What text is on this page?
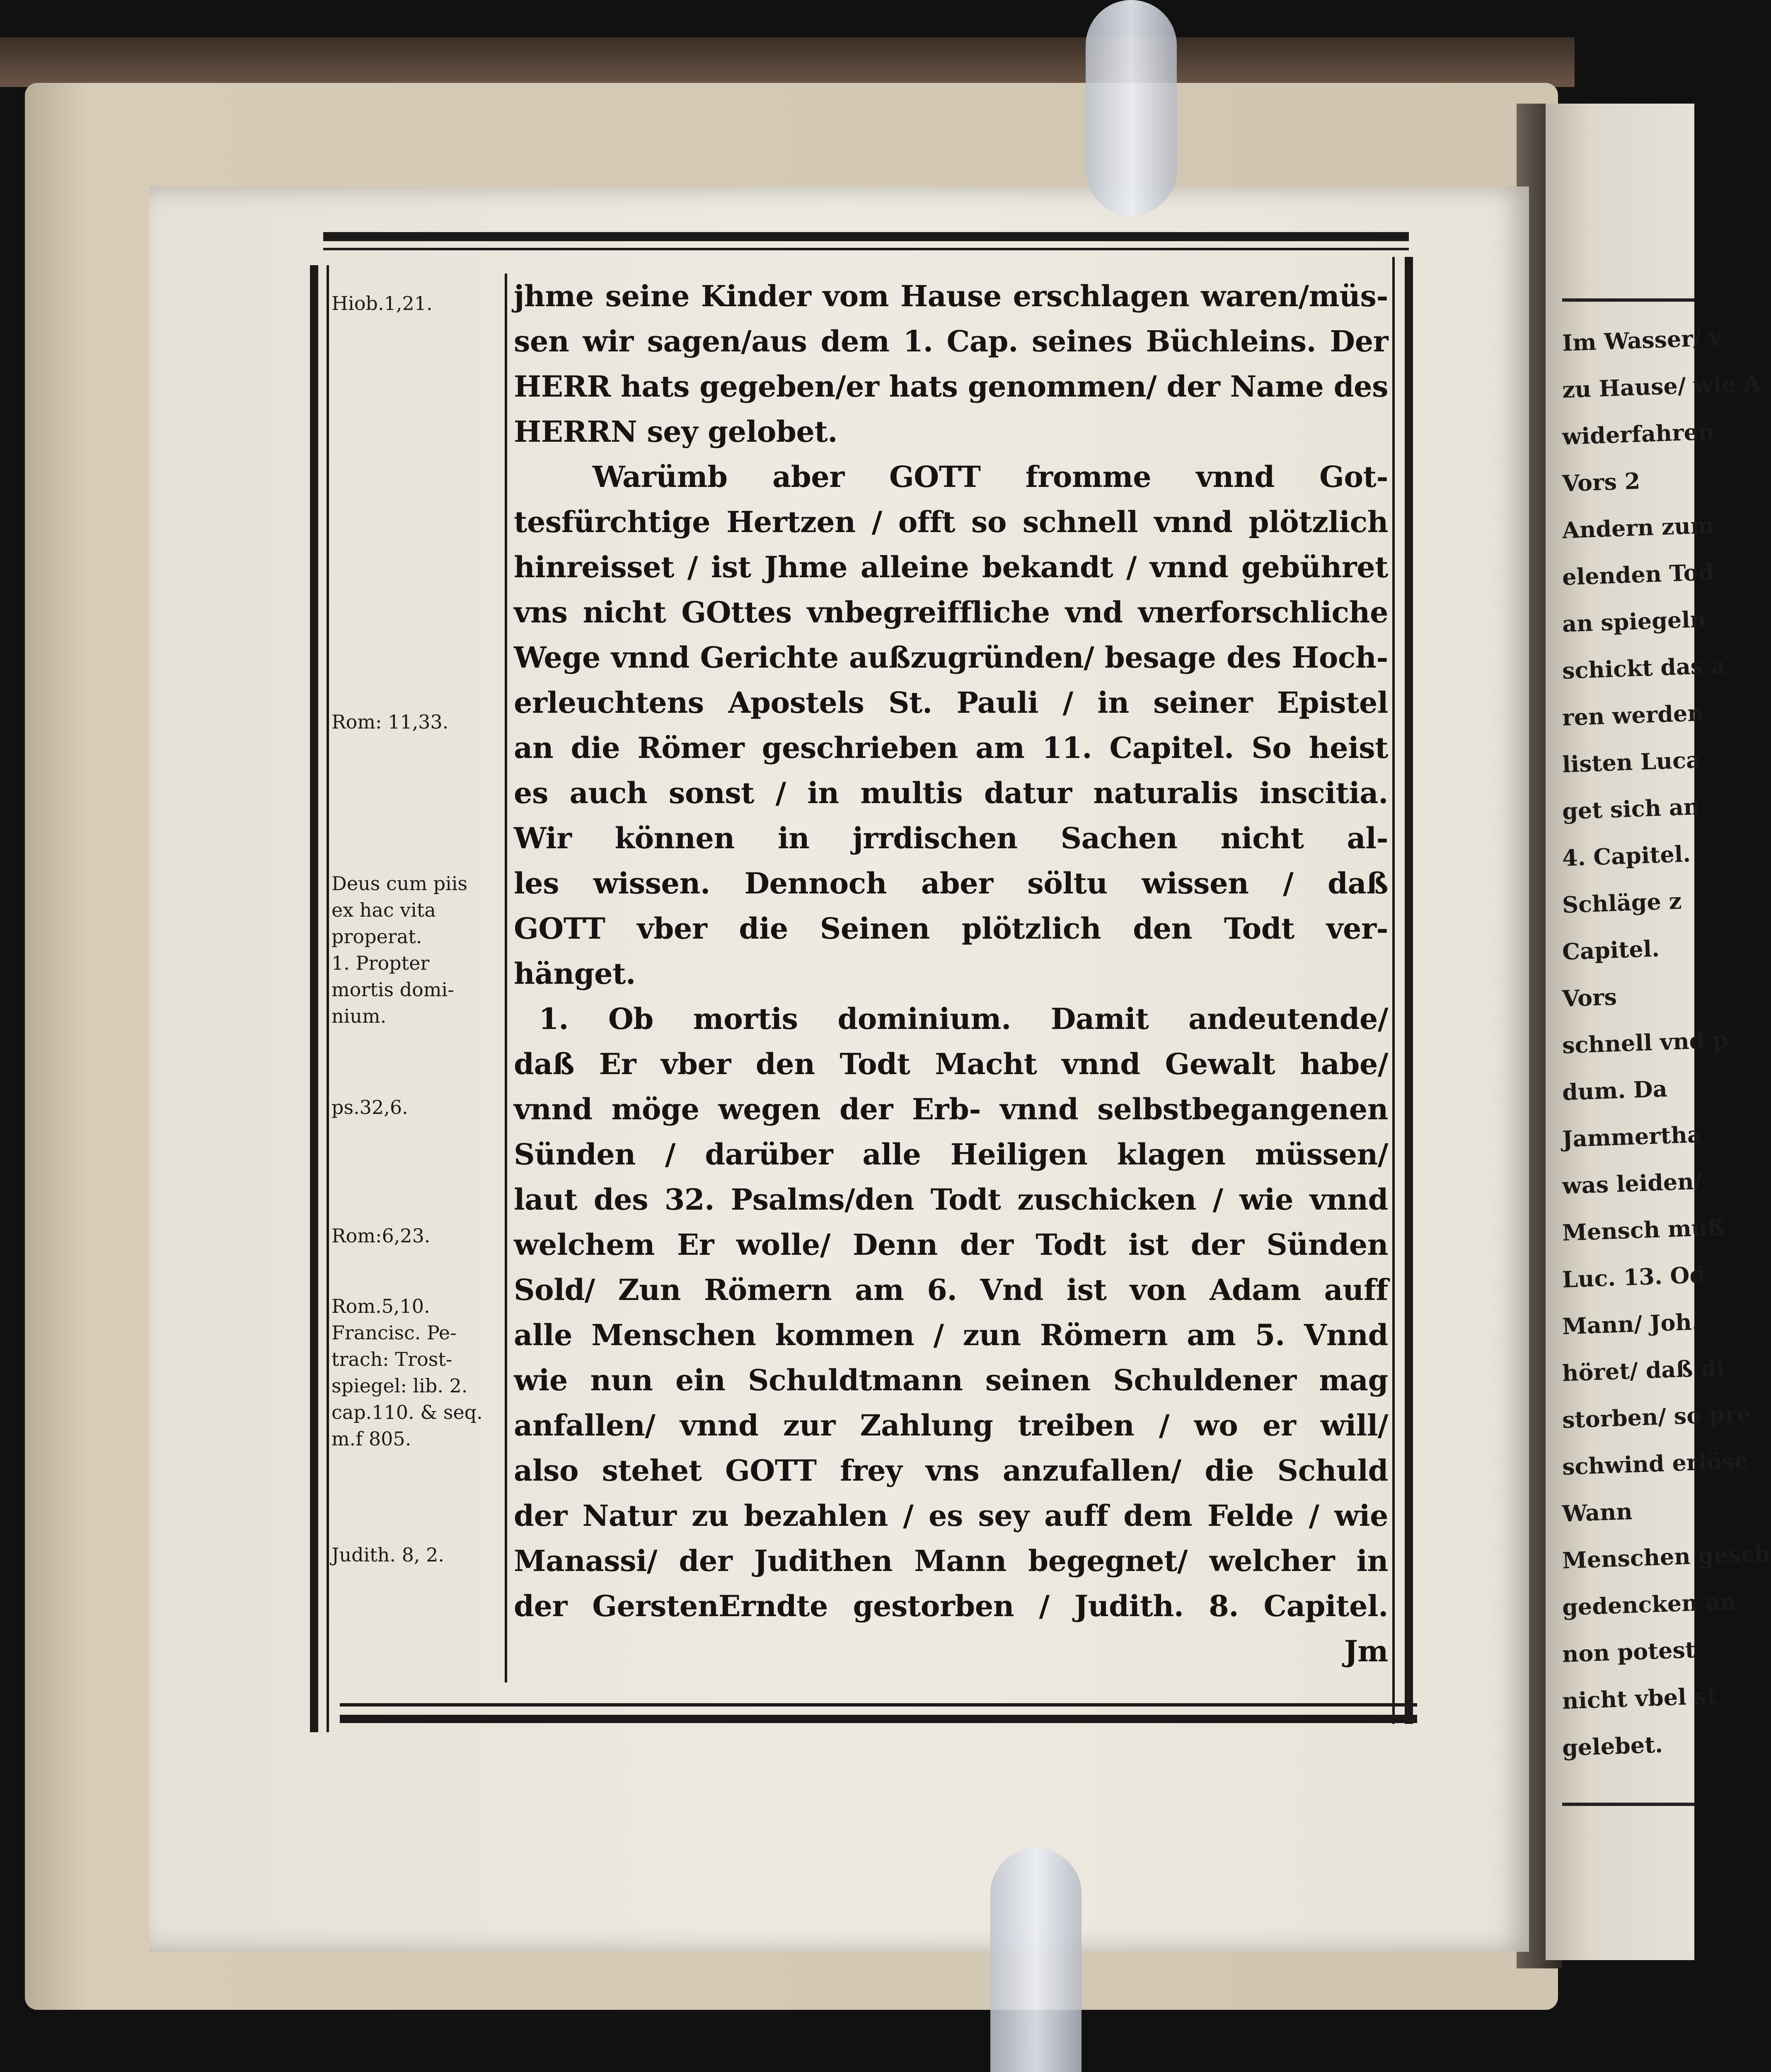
Im Wasser/ v
zu Hause/ wie A
widerfahren
Vors 2
Andern zum
elenden Tod
an spiegeln
schickt das a
ren werden
listen Luca
get sich an
4. Capitel.
Schläge z
Capitel.
Vors
schnell vnd p
dum. Da
Jammertha
was leiden/
Mensch muß
Luc. 13. Od
Mann/ Joh.
höret/ daß di
storben/ so pre
schwind erlöse
Wann
Menschen gesch
gedencken an
non potest
nicht vbel st
gelebet.
Hiob.1,21.
Rom: 11,33.
Deus cum piis
ex hac vita
properat.
1. Propter
mortis domi-
nium.
ps.32,6.
Rom:6,23.
Rom.5,10.
Francisc. Pe-
trach: Trost-
spiegel: lib. 2.
cap.110. & seq.
m.f 805.
Judith. 8, 2.
jhme seine Kinder vom Hause erschlagen waren/müs-
sen wir sagen/aus dem 1. Cap. seines Büchleins. Der
HERR hats gegeben/er hats genommen/ der Name des
HERRN sey gelobet.
Warümb aber GOTT fromme vnnd Got-
tesfürchtige Hertzen / offt so schnell vnnd plötzlich
hinreisset / ist Jhme alleine bekandt / vnnd gebühret
vns nicht GOttes vnbegreiffliche vnd vnerforschliche
Wege vnnd Gerichte außzugründen/ besage des Hoch-
erleuchtens Apostels St. Pauli / in seiner Epistel
an die Römer geschrieben am 11. Capitel. So heist
es auch sonst / in multis datur naturalis inscitia.
Wir können in jrrdischen Sachen nicht al-
les wissen. Dennoch aber söltu wissen / daß
GOTT vber die Seinen plötzlich den Todt ver-
hänget.
1. Ob mortis dominium. Damit andeutende/
daß Er vber den Todt Macht vnnd Gewalt habe/
vnnd möge wegen der Erb- vnnd selbstbegangenen
Sünden / darüber alle Heiligen klagen müssen/
laut des 32. Psalms/den Todt zuschicken / wie vnnd
welchem Er wolle/ Denn der Todt ist der Sünden
Sold/ Zun Römern am 6. Vnd ist von Adam auff
alle Menschen kommen / zun Römern am 5. Vnnd
wie nun ein Schuldtmann seinen Schuldener mag
anfallen/ vnnd zur Zahlung treiben / wo er will/
also stehet GOTT frey vns anzufallen/ die Schuld
der Natur zu bezahlen / es sey auff dem Felde / wie
Manassi/ der Judithen Mann begegnet/ welcher in
der GerstenErndte gestorben / Judith. 8. Capitel.
Jm
